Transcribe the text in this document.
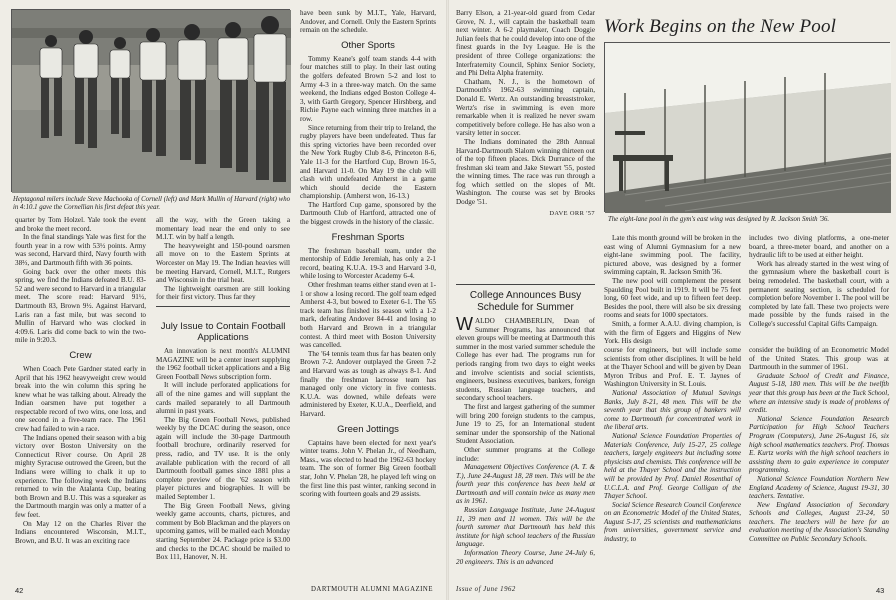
Heptagonal milers include Steve Machooka of Cornell (left) and Mark Mullin of Harvard (right) who in 4:10.1 gave the Cornellian his first defeat this year.

quarter by Tom Holzel. Yale took the event and broke the meet record.

In the final standings Yale was first for the fourth year in a row with 53½ points. Army was second, Harvard third, Navy fourth with 38⅔, and Dartmouth fifth with 36 points.

Going back over the other meets this spring, we find the Indians defeated B.U. 83-52 and were second to Harvard in a triangular meet. The score read: Harvard 91½, Dartmouth 83, Brown 9½. Against Harvard, Laris ran a fast mile, but was second to Mullin of Harvard who was clocked in 4:09.6. Laris did come back to win the two-mile in 9:20.3.

Crew

When Coach Pete Gardner stated early in April that his 1962 heavyweight crew would break into the win column this spring he knew what he was talking about. Already the Indian oarsmen have put together a respectable record of two wins, one loss, and one second in a five-team race. The 1961 crew had failed to win a race.

The Indians opened their season with a big victory over Boston University on the Connecticut River course. On April 28 mighty Syracuse outrowed the Green, but the Indians were willing to chalk it up to experience. The following week the Indians returned to win the Atalanta Cup, beating both Brown and B.U. This was a squeaker as the Dartmouth margin was only a matter of a few feet.

On May 12 on the Charles River the Indians encountered Wisconsin, M.I.T., Brown, and B.U. It was an exciting race

all the way, with the Green taking a momentary lead near the end only to see M.I.T. win by half a length.

The heavyweight and 150-pound oarsmen all move on to the Eastern Sprints at Worcester on May 19. The Indian heavies will be meeting Harvard, Cornell, M.I.T., Rutgers and Wisconsin in the trial heat.

The lightweight oarsmen are still looking for their first victory. Thus far they

July Issue to Contain Football Applications

An innovation is next month's ALUMNI MAGAZINE will be a center insert supplying the 1962 football ticket applications and a Big Green Football News subscription form.

It will include perforated applications for all of the nine games and will supplant the cards mailed separately to all Dartmouth alumni in past years.

The Big Green Football News, published weekly by the DCAC during the season, once again will include the 30-page Dartmouth football brochure, ordinarily reserved for press, radio, and TV use. It is the only available publication with the record of all Dartmouth football games since 1881 plus a complete preview of the '62 season with player pictures and biographies. It will be mailed September 1.

The Big Green Football News, giving weekly game accounts, charts, pictures, and comment by Bob Blackman and the players on upcoming games, will be mailed each Monday starting September 24. Package price is $3.00 and checks to the DCAC should be mailed to Box 111, Hanover, N. H.

have been sunk by M.I.T., Yale, Harvard, Andover, and Cornell. Only the Eastern Sprints remain on the schedule.

Other Sports

Tommy Keane's golf team stands 4-4 with four matches still to play. In their last outing the golfers defeated Brown 5-2 and lost to Army 4-3 in a three-way match. On the same weekend, the Indians edged Boston College 4-3, with Garth Gregory, Spencer Hirshberg, and Richie Payne each winning three matches in a row.

Since returning from their trip to Ireland, the rugby players have been undefeated. Thus far this spring victories have been recorded over the New York Rugby Club 8-6, Princeton 8-6, Yale 11-3 for the Hartford Cup, Brown 16-5, and Harvard 11-0. On May 19 the club will clash with undefeated Amherst in a game which should decide the Eastern championship. (Amherst won, 16-13.)

The Hartford Cup game, sponsored by the Dartmouth Club of Hartford, attracted one of the biggest crowds in the history of the classic.

Freshman Sports

The freshman baseball team, under the mentorship of Eddie Jeremiah, has only a 2-1 record, beating K.U.A. 19-3 and Harvard 3-0, while losing to Worcester Academy 6-4.

Other freshman teams either stand even at 1-1 or show a losing record. The golf team edged Amherst 4-3, but bowed to Exeter 6-1. The '65 track team has finished its season with a 1-2 mark, defeating Andover 84-41 and losing to both Harvard and Brown in a triangular contest. A third meet with Boston University was cancelled.

The '64 tennis team thus far has beaten only Brown 7-2. Andover outplayed the Green 7-2 and Harvard was as tough as always 8-1. And finally the freshman lacrosse team has managed only one victory in five contests. K.U.A. was downed, while defeats were administered by Exeter, K.U.A., Deerfield, and Harvard.

Green Jottings

Captains have been elected for next year's winter teams. John V. Phelan Jr., of Needham, Mass., was elected to head the 1962-63 hockey team. The son of former Big Green football star, John V. Phelan '28, he played left wing on the first line this past winter, ranking second in scoring with fourteen goals and 29 assists.

42	DARTMOUTH ALUMNI MAGAZINE

Barry Elson, a 21-year-old guard from Cedar Grove, N. J., will captain the basketball team next winter. A 6-2 playmaker, Coach Doggie Julian feels that he could develop into one of the finest guards in the Ivy League. He is the president of three College organizations: the Interfraternity Council, Sphinx Senior Society, and Phi Delta Alpha fraternity.

Chatham, N. J., is the hometown of Dartmouth's 1962-63 swimming captain, Donald E. Wertz. An outstanding breaststroker, Wertz's rise in swimming is even more remarkable when it is realized he never swam competitively before college. He has also won a varsity letter in soccer.

The Indians dominated the 28th Annual Harvard-Dartmouth Slalom winning thirteen out of the top fifteen places. Dick Durrance of the freshman ski team and Jake Stewart '55, posted the winning times. The race was run through a fog which settled on the slopes of Mt. Washington. The course was set by Brooks Dodge '51.

DAVE ORR '57
College Announces Busy Schedule for Summer

WALDO CHAMBERLIN, Dean of Summer Programs, has announced that eleven groups will be meeting at Dartmouth this summer in the most varied summer schedule the College has ever had. The programs run for periods ranging from two days to eight weeks and involve scientists and social scientists, engineers, business executives, bankers, foreign students, Russian language teachers, and secondary school teachers.

The first and largest gathering of the summer will bring 200 foreign students to the campus, June 19 to 25, for an International student seminar under the sponsorship of the National Student Association.

Other summer programs at the College include:

Management Objectives Conference (A. T. & T.), June 24-August 18, 28 men. This will be the fourth year this conference has been held at Dartmouth and will contain twice as many men as in 1961.

Russian Language Institute, June 24-August 11, 39 men and 11 women. This will be the fourth summer that Dartmouth has held this institute for high school teachers of the Russian language.

Information Theory Course, June 24-July 6, 20 engineers. This is an advanced

Work Begins on the New Pool
The eight-lane pool in the gym's east wing was designed by R. Jackson Smith '36.

Late this month ground will be broken in the east wing of Alumni Gymnasium for a new eight-lane swimming pool. The facility, pictured above, was designed by a former swimming captain, R. Jackson Smith '36.

The new pool will complement the present Spaulding Pool built in 1919. It will be 75 feet long, 60 feet wide, and up to fifteen feet deep. Besides the pool, there will also be six dressing rooms and seats for 1000 spectators.

Smith, a former A.A.U. diving champion, is with the firm of Eggers and Higgins of New York. His design

includes two diving platforms, a one-meter board, a three-meter board, and another on a hydraulic lift to be used at either height.

Work has already started in the west wing of the gymnasium where the basketball court is being remodeled. The basketball court, with a permanent seating section, is scheduled for completion before November 1. The pool will be completed by late fall. These two projects were made possible by the funds raised in the College's successful Capital Gifts Campaign.

course for engineers, but will include some scientists from other disciplines. It will be held at the Thayer School and will be given by Dean Myron Tribus and Prof. E. T. Jaynes of Washington University in St. Louis.

National Association of Mutual Savings Banks, July 8-21, 48 men. This will be the seventh year that this group of bankers will come to Dartmouth for concentrated work in the liberal arts.

National Science Foundation Properties of Materials Conference, July 15-27, 25 college teachers, largely engineers but including some physicists and chemists. This conference will be held at the Thayer School and the instruction will be provided by Prof. Daniel Rosenthal of U.C.L.A. and Prof. George Colligan of the Thayer School.

Social Science Research Council Conference on an Econometric Model of the United States, August 5-17, 25 scientists and mathematicians from universities, government service and industry, to

consider the building of an Econometric Model of the United States. This group was at Dartmouth in the summer of 1961.

Graduate School of Credit and Finance, August 5-18, 180 men. This will be the twelfth year that this group has been at the Tuck School, where an intensive study is made of problems of credit.

National Science Foundation Research Participation for High School Teachers Program (Computers), June 26-August 16, six high school mathematics teachers. Prof. Thomas E. Kurtz works with the high school teachers in assisting them to gain experience in computer programming.

National Science Foundation Northern New England Academy of Science, August 19-31, 30 teachers. Tentative.

New England Association of Secondary Schools and Colleges, August 23-24, 50 teachers. The teachers will be here for an evaluation meeting of the Association's Standing Committee on Public Secondary Schools.

Issue of June 1962	43
